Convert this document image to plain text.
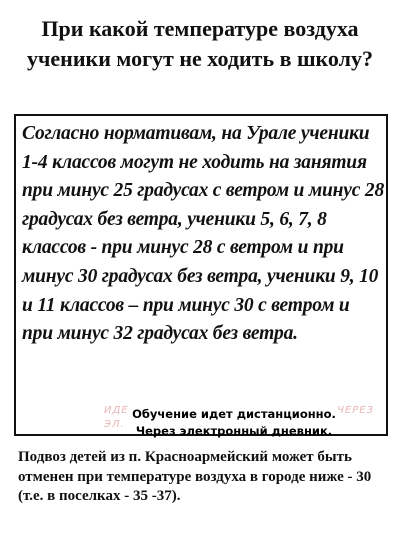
При какой температуре воздуха ученики могут не ходить в школу?
Согласно нормативам, на Урале ученики 1-4 классов могут не ходить на занятия при минус 25 градусах с ветром и минус 28 градусах без ветра, ученики 5, 6, 7, 8 классов - при минус 28 с ветром и при минус 30 градусах без ветра, ученики 9, 10 и 11 классов – при минус 30 с ветром и при минус 32 градусах без ветра.
ИДЕ	ЧЕРЕЗ

ЭЛ.
Обучение идет дистанционно.
Через электронный дневник.
Подвоз детей из п. Красноармейский может быть отменен при температуре воздуха в городе ниже - 30 (т.е. в поселках - 35 -37).
